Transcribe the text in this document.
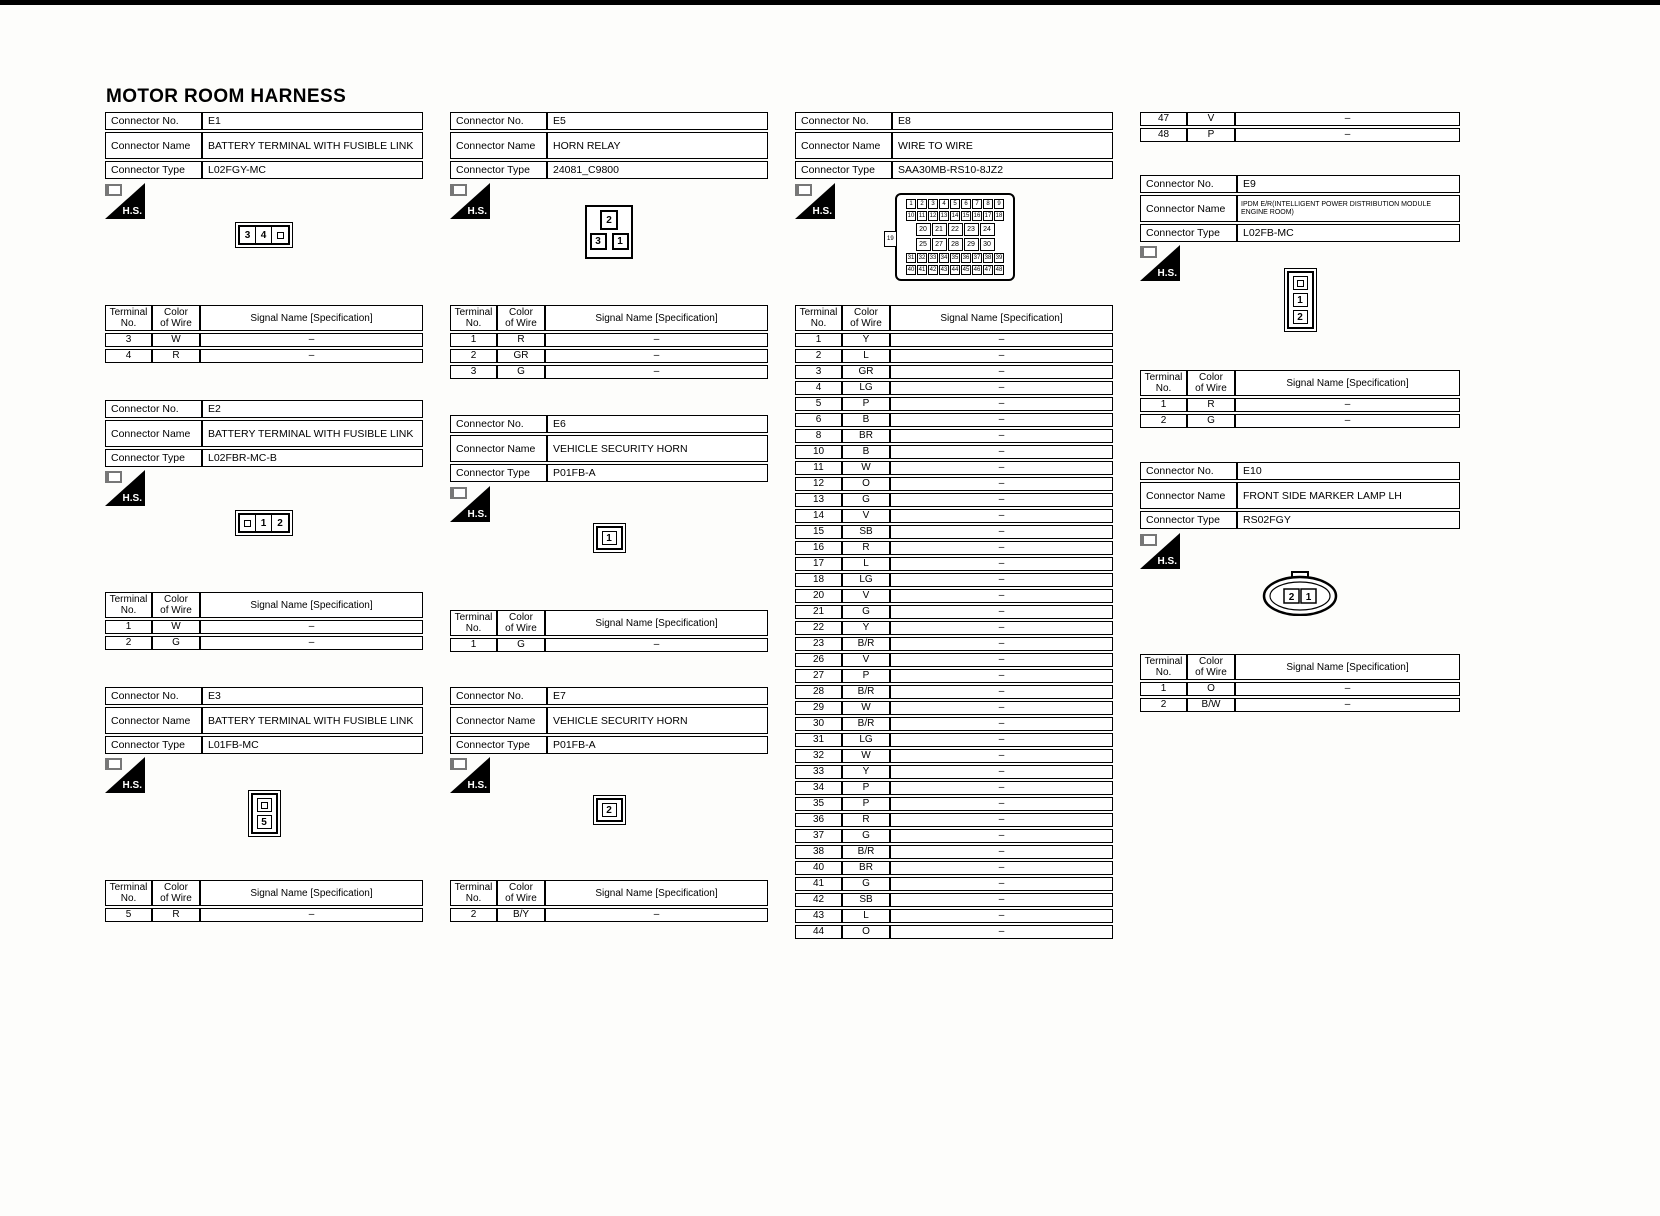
MOTOR ROOM HARNESS
Connector No.	E1
Connector Name	BATTERY TERMINAL WITH FUSIBLE LINK
Connector Type	L02FGY-MC
H.S.
3	4
Terminal
No.

Color
of Wire	Signal Name [Specification]
3	W	–
4	R	–
Connector No.	E2
Connector Name	BATTERY TERMINAL WITH FUSIBLE LINK
Connector Type	L02FBR-MC-B
H.S.
1	2
Terminal
No.

Color
of Wire	Signal Name [Specification]
1	W	–
2	G	–
Connector No.	E3
Connector Name	BATTERY TERMINAL WITH FUSIBLE LINK
Connector Type	L01FB-MC
H.S.
5
Terminal
No.

Color
of Wire	Signal Name [Specification]
5	R	–
Connector No.	E5
Connector Name	HORN RELAY
Connector Type	24081_C9800
H.S.
2
3	1
Terminal
No.

Color
of Wire	Signal Name [Specification]
1	R	–
2	GR	–
3	G	–
Connector No.	E6
Connector Name	VEHICLE SECURITY HORN
Connector Type	P01FB-A
H.S.
1
Terminal
No.

Color
of Wire	Signal Name [Specification]
1	G	–
Connector No.	E7
Connector Name	VEHICLE SECURITY HORN
Connector Type	P01FB-A
H.S.
2
Terminal
No.

Color
of Wire	Signal Name [Specification]
2	B/Y	–
Connector No.	E8
Connector Name	WIRE TO WIRE
Connector Type	SAA30MB-RS10-8JZ2
H.S.
1	2	3	4	5	6	7	8	9
10 11 12 13 14 15 16 17 18
20	21	22	23	24
25	27	28	29	30
31 32 33 34 35 36 37 38 39
40 41 42 43 44 45 46 47 48
19
Terminal
No.

Color
of Wire	Signal Name [Specification]
1	Y	–
2	L	–
3	GR	–
4	LG	–
5	P	–
6	B	–
8	BR	–
10	B	–
11	W	–
12	O	–
13	G	–
14	V	–
15	SB	–
16	R	–
17	L	–
18	LG	–
20	V	–
21	G	–
22	Y	–
23	B/R	–
26	V	–
27	P	–
28	B/R	–
29	W	–
30	B/R	–
31	LG	–
32	W	–
33	Y	–
34	P	–
35	P	–
36	R	–
37	G	–
38	B/R	–
40	BR	–
41	G	–
42	SB	–
43	L	–
44	O	–
47	V	–
48	P	–
Connector No.	E9
Connector Name	IPDM E/R(INTELLIGENT POWER DISTRIBUTION MODULE ENGINE ROOM)
Connector Type	L02FB-MC
H.S.
1
2
Terminal
No.

Color
of Wire	Signal Name [Specification]
1	R	–
2	G	–
Connector No.	E10
Connector Name	FRONT SIDE MARKER LAMP LH
Connector Type	RS02FGY
H.S.
2 1
Terminal
No.

Color
of Wire	Signal Name [Specification]
1	O	–
2	B/W	–
